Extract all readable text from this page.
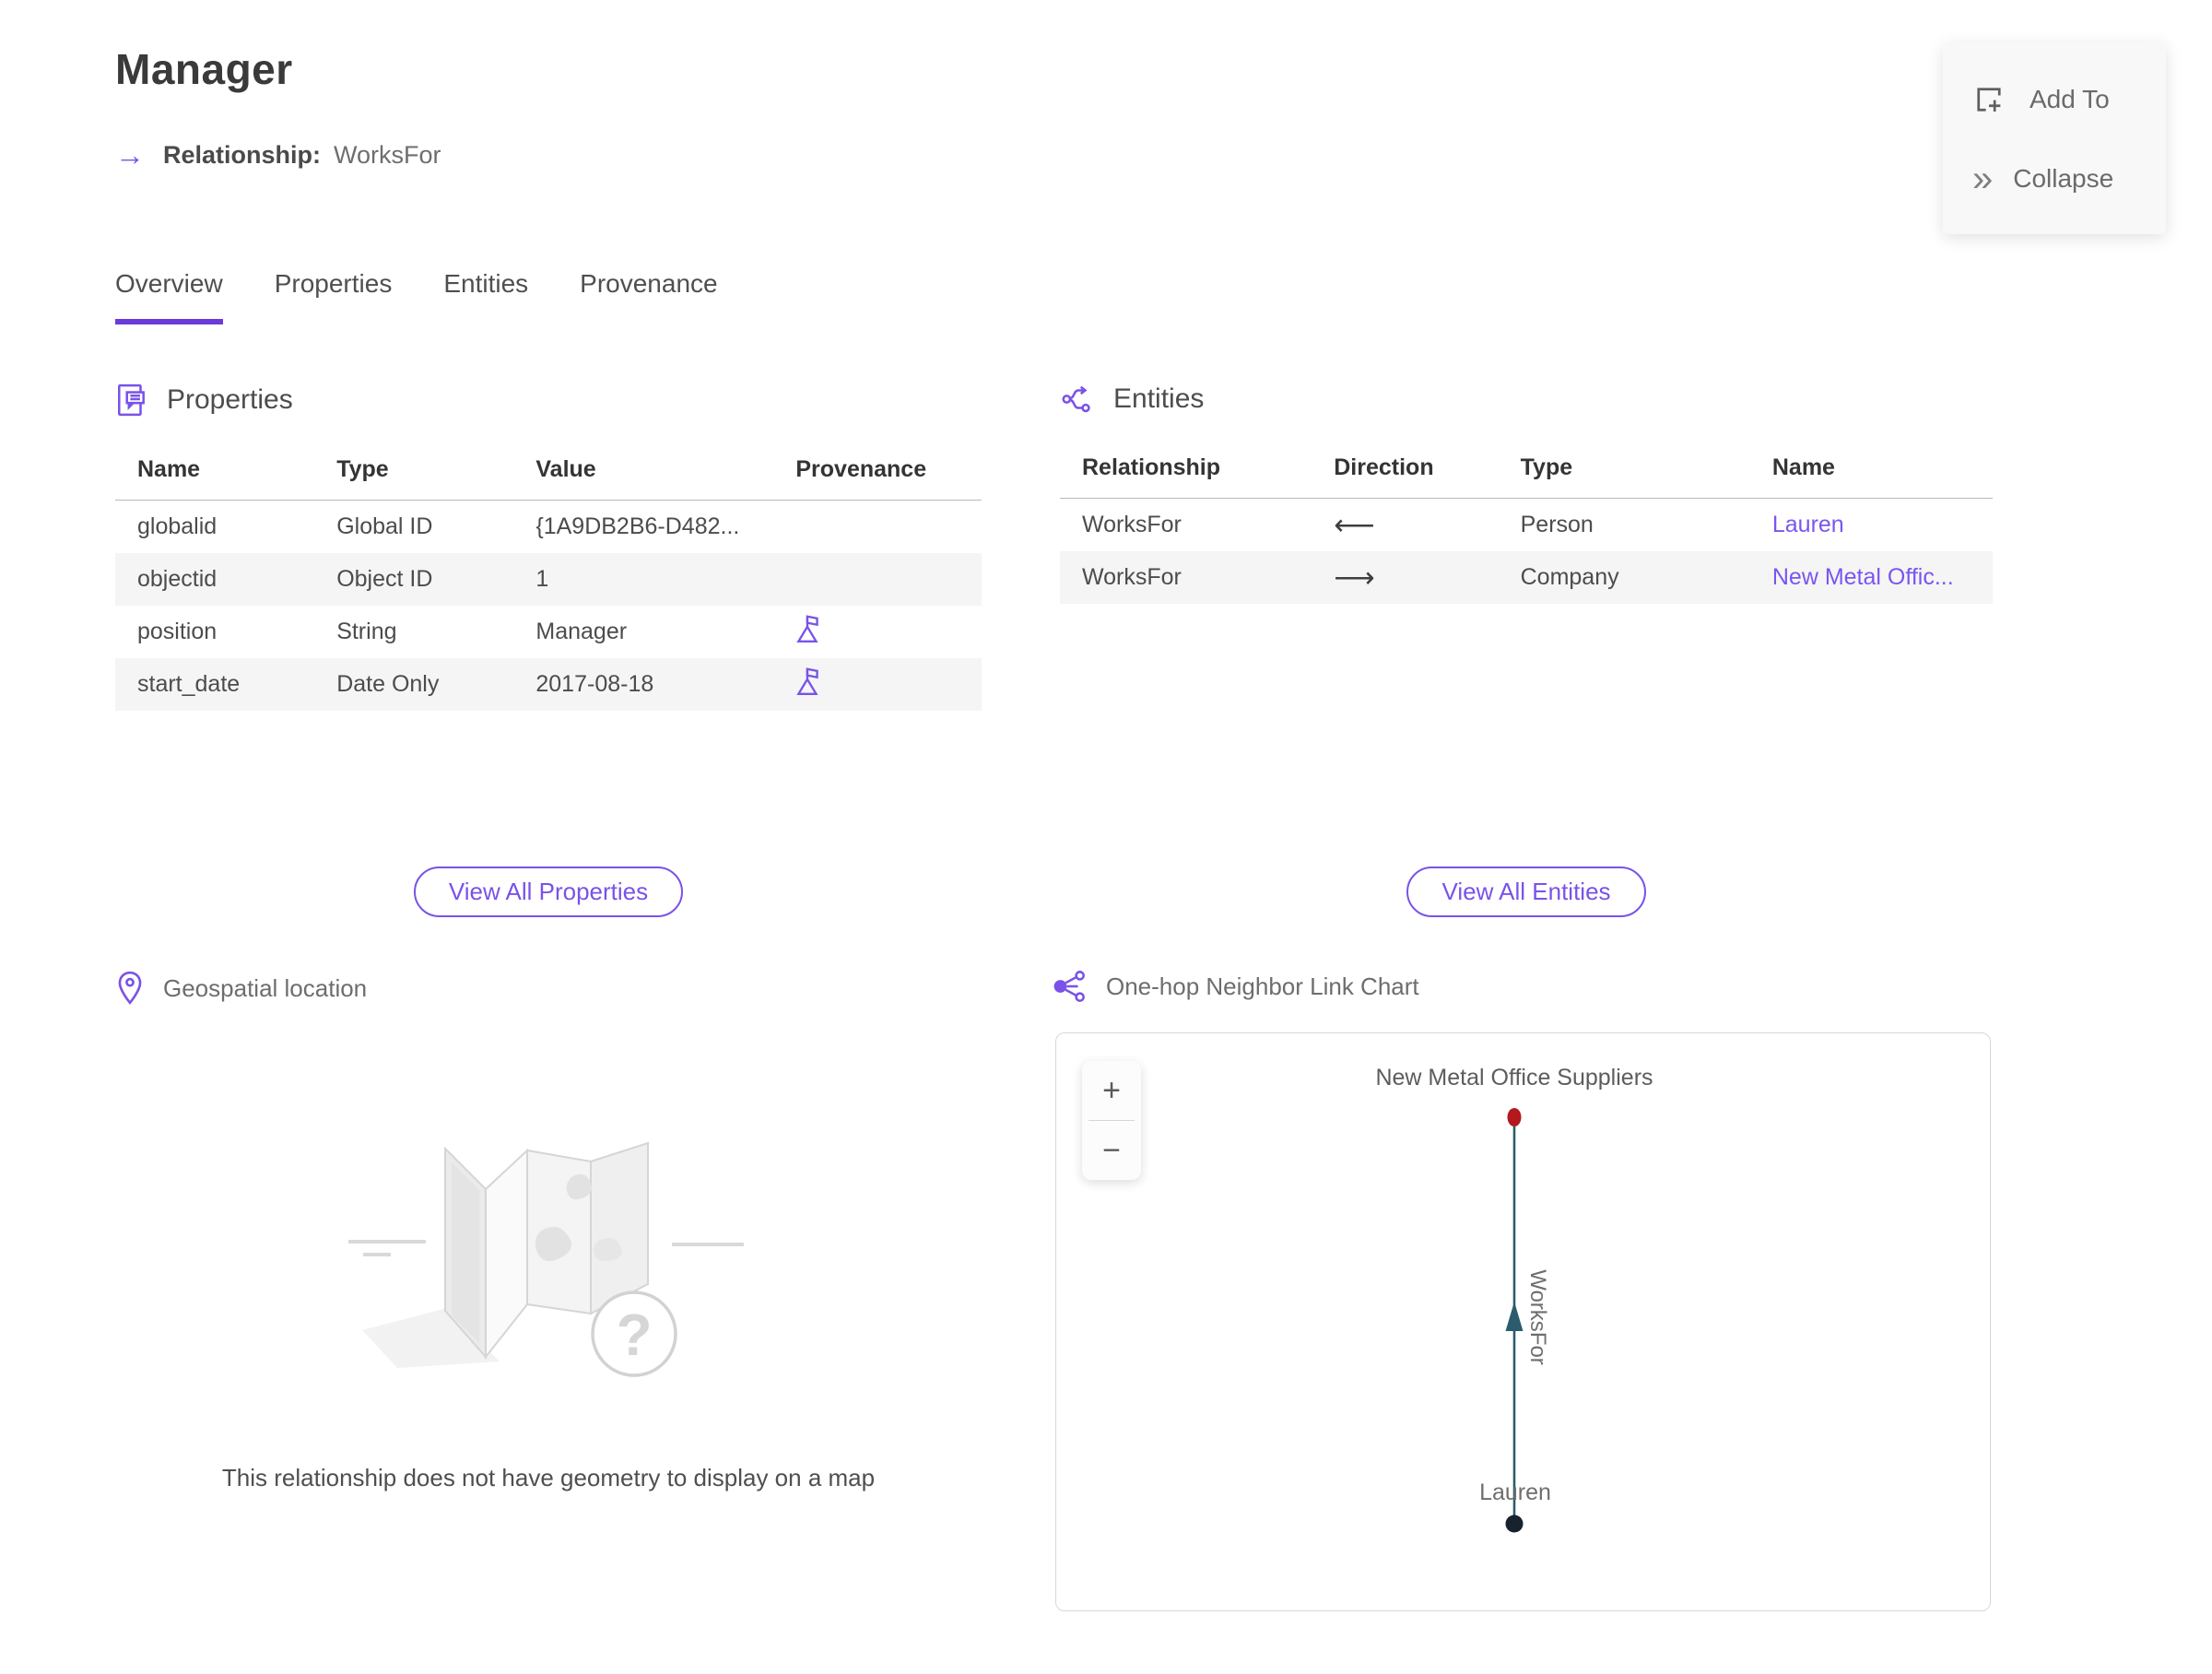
Manager
→ Relationship: WorksFor
Add To
» Collapse
Overview Properties Entities Provenance
Properties
Name	Type	Value	Provenance
globalid	Global ID	{1A9DB2B6-D482...	
objectid	Object ID	1	
position	String	Manager	

start_date	Date Only	2017-08-18	
Entities
Relationship	Direction	Type	Name
WorksFor	⟵	Person	Lauren
WorksFor	⟶	Company	New Metal Offic...
View All Properties	View All Entities
Geospatial location
?
This relationship does not have geometry to display on a map
One-hop Neighbor Link Chart
+
−
WorksFor
New Metal Office Suppliers
Lauren
